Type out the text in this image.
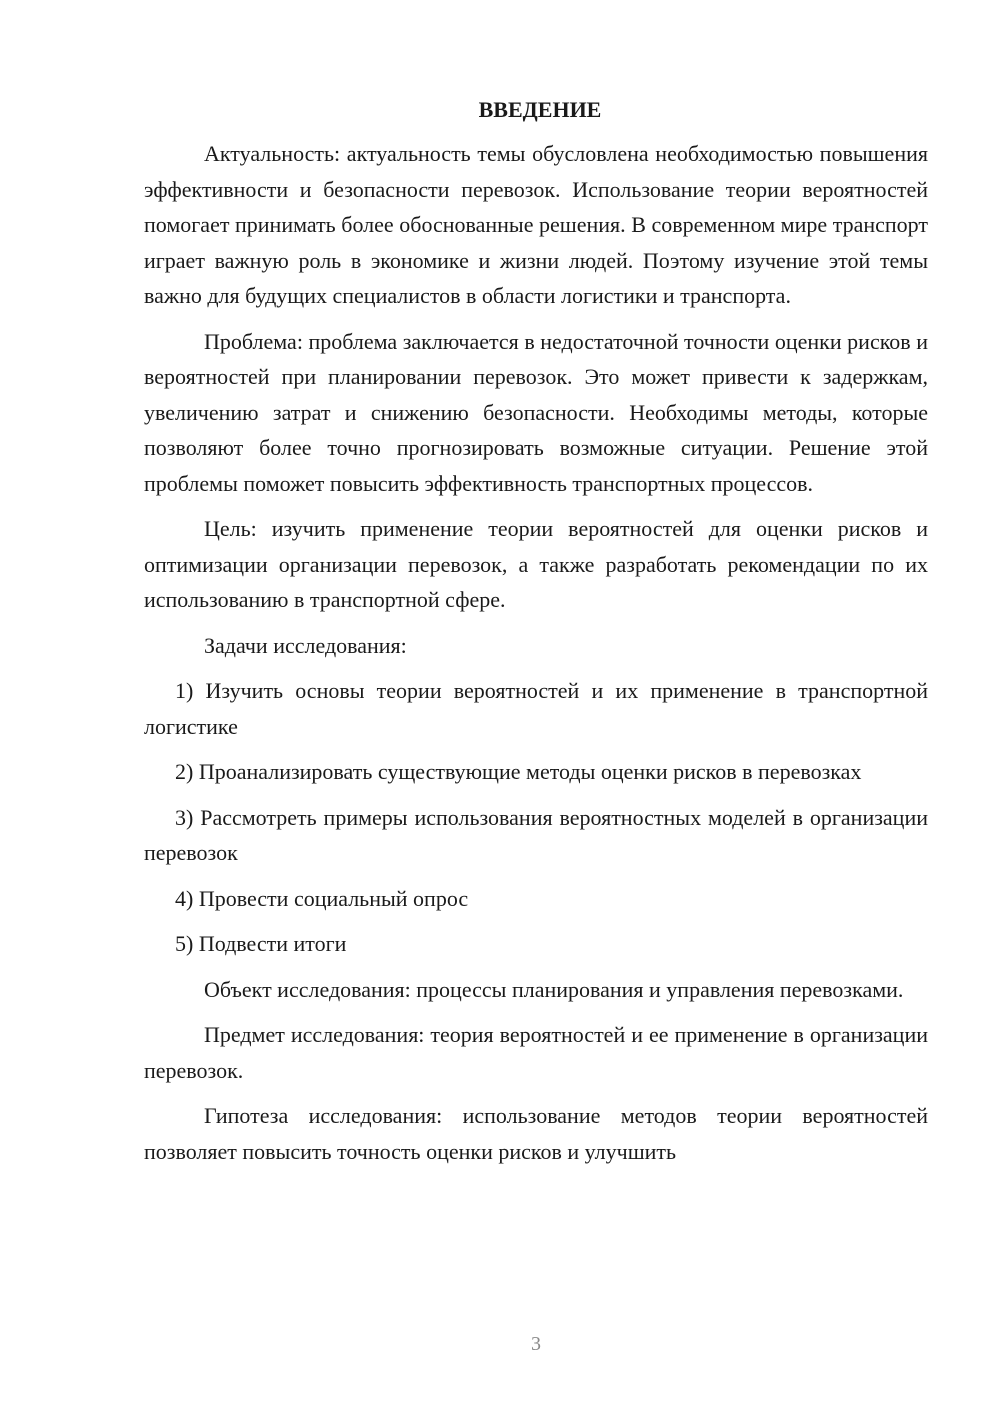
ВВЕДЕНИЕ

Актуальность: актуальность темы обусловлена необходимостью повышения эффективности и безопасности перевозок. Использование теории вероятностей помогает принимать более обоснованные решения. В современном мире транспорт играет важную роль в экономике и жизни людей. Поэтому изучение этой темы важно для будущих специалистов в области логистики и транспорта.

Проблема: проблема заключается в недостаточной точности оценки рисков и вероятностей при планировании перевозок. Это может привести к задержкам, увеличению затрат и снижению безопасности. Необходимы методы, которые позволяют более точно прогнозировать возможные ситуации. Решение этой проблемы поможет повысить эффективность транспортных процессов.

Цель: изучить применение теории вероятностей для оценки рисков и оптимизации организации перевозок, а также разработать рекомендации по их использованию в транспортной сфере.

Задачи исследования:

1) Изучить основы теории вероятностей и их применение в транспортной логистике

2) Проанализировать существующие методы оценки рисков в перевозках

3) Рассмотреть примеры использования вероятностных моделей в организации перевозок

4) Провести социальный опрос

5) Подвести итоги

Объект исследования: процессы планирования и управления перевозками.

Предмет исследования: теория вероятностей и ее применение в организации перевозок.

Гипотеза исследования: использование методов теории вероятностей позволяет повысить точность оценки рисков и улучшить

3
